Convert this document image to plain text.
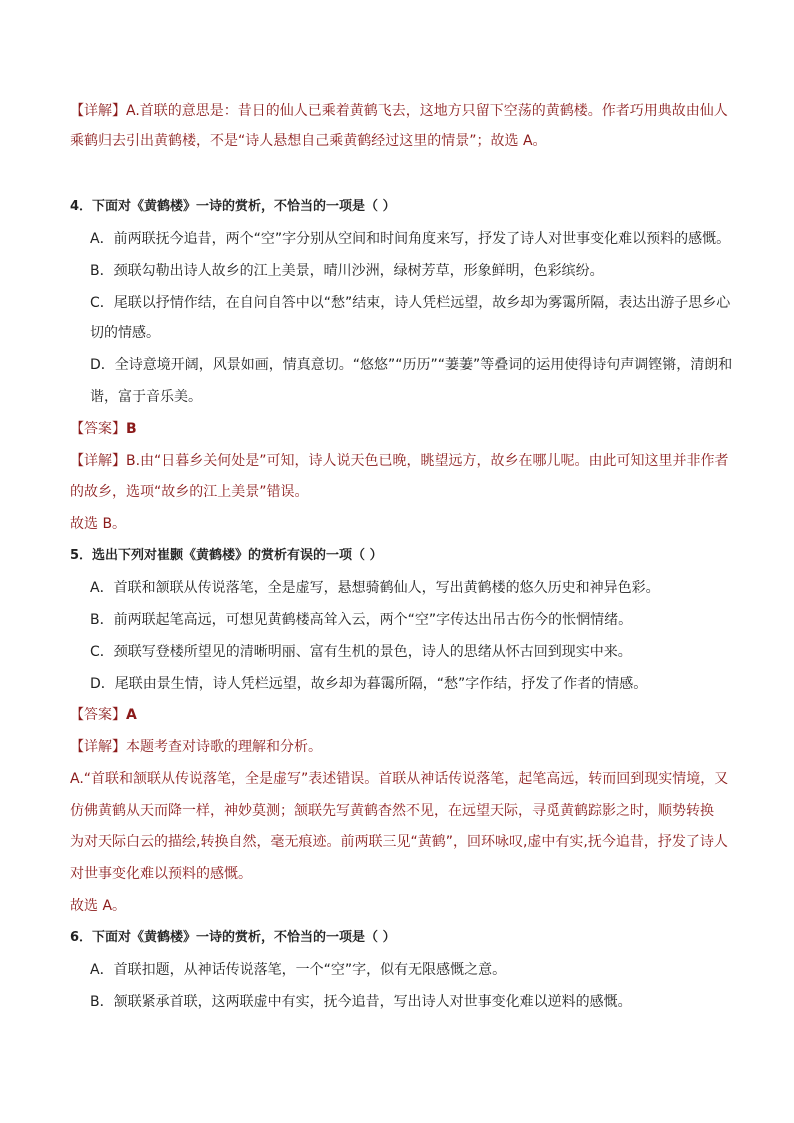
【详解】A.首联的意思是：昔日的仙人已乘着黄鹤飞去，这地方只留下空荡的黄鹤楼。作者巧用典故由仙人
乘鹤归去引出黄鹤楼，不是“诗人悬想自己乘黄鹤经过这里的情景”；故选 A。
4．下面对《黄鹤楼》一诗的赏析，不恰当的一项是（ ）
A．前两联抚今追昔，两个“空”字分别从空间和时间角度来写，抒发了诗人对世事变化难以预料的感慨。
B．颈联勾勒出诗人故乡的江上美景，晴川沙洲，绿树芳草，形象鲜明，色彩缤纷。
C．尾联以抒情作结，在自问自答中以“愁”结束，诗人凭栏远望，故乡却为雾霭所隔，表达出游子思乡心
切的情感。
D．全诗意境开阔，风景如画，情真意切。“悠悠”“历历”“萋萋”等叠词的运用使得诗句声调铿锵，清朗和
谐，富于音乐美。
【答案】B
【详解】B.由“日暮乡关何处是”可知，诗人说天色已晚，眺望远方，故乡在哪儿呢。由此可知这里并非作者
的故乡，选项“故乡的江上美景”错误。
故选 B。
5．选出下列对崔颢《黄鹤楼》的赏析有误的一项（ ）
A．首联和颔联从传说落笔，全是虚写，悬想骑鹤仙人，写出黄鹤楼的悠久历史和神异色彩。
B．前两联起笔高远，可想见黄鹤楼高耸入云，两个“空”字传达出吊古伤今的怅惘情绪。
C．颈联写登楼所望见的清晰明丽、富有生机的景色，诗人的思绪从怀古回到现实中来。
D．尾联由景生情，诗人凭栏远望，故乡却为暮霭所隔，“愁”字作结，抒发了作者的情感。
【答案】A
【详解】本题考查对诗歌的理解和分析。
A.“首联和颔联从传说落笔，全是虚写”表述错误。首联从神话传说落笔，起笔高远，转而回到现实情境，又
仿佛黄鹤从天而降一样，神妙莫测；颔联先写黄鹤杳然不见，在远望天际，寻觅黄鹤踪影之时，顺势转换
为对天际白云的描绘,转换自然，毫无痕迹。前两联三见“黄鹤”，回环咏叹,虚中有实,抚今追昔，抒发了诗人
对世事变化难以预料的感慨。
故选 A。
6．下面对《黄鹤楼》一诗的赏析，不恰当的一项是（ ）
A．首联扣题，从神话传说落笔，一个“空”字，似有无限感慨之意。
B．颔联紧承首联，这两联虚中有实，抚今追昔，写出诗人对世事变化难以逆料的感慨。
